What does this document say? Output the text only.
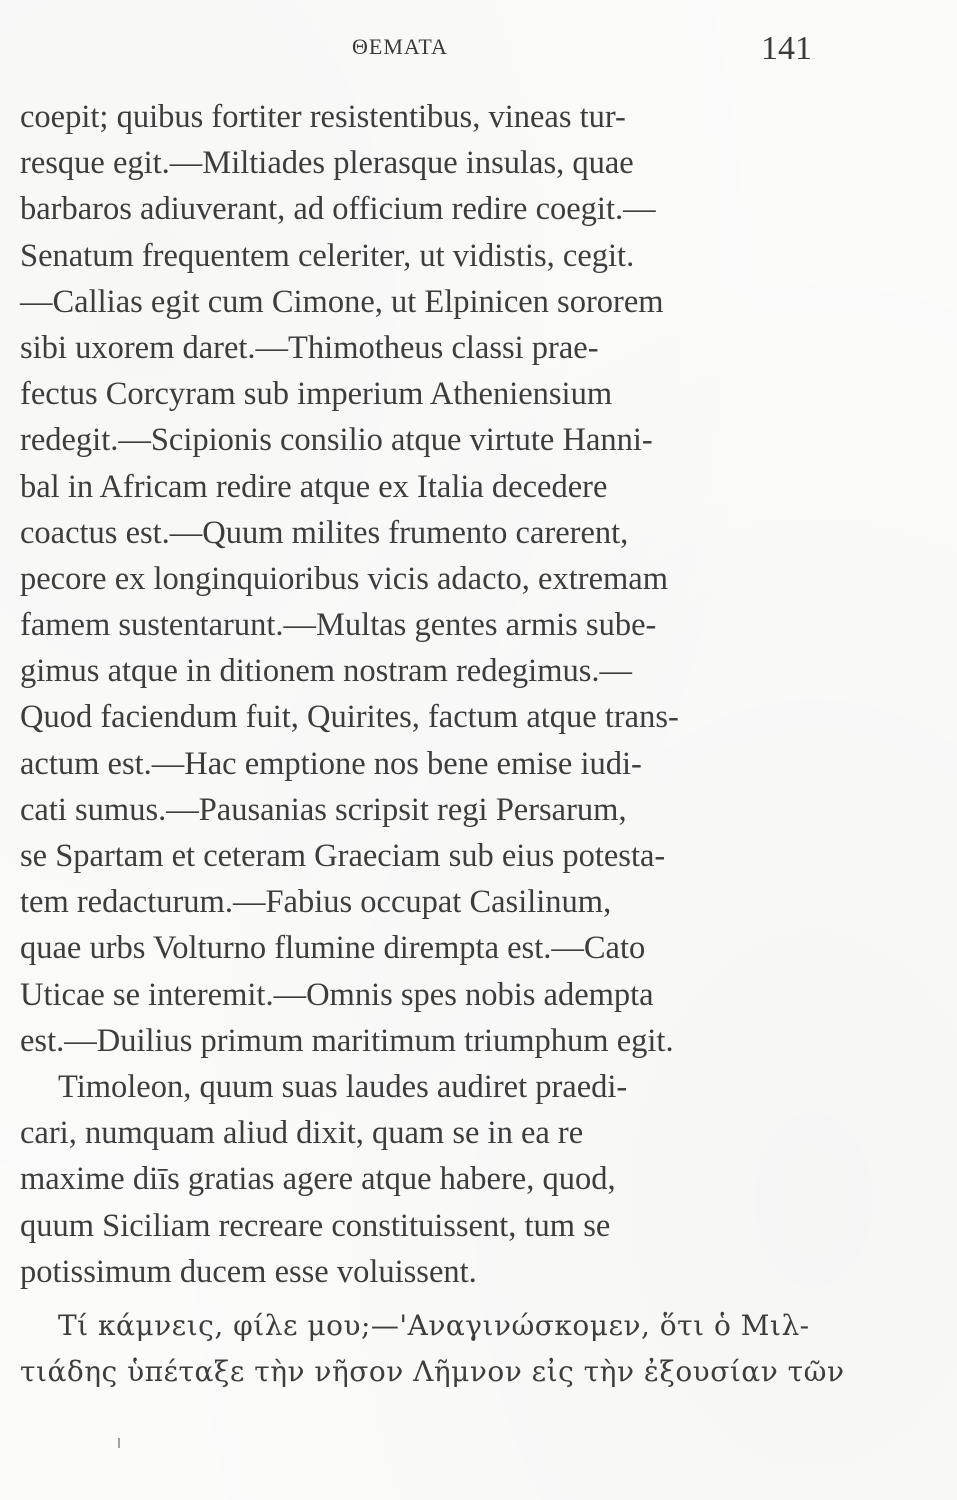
ΘΕΜΑΤΑ	141
coepit; quibus fortiter resistentibus, vineas tur-
resque egit.—Miltiades plerasque insulas, quae
barbaros adiuverant, ad officium redire coegit.—
Senatum frequentem celeriter, ut vidistis, cegit.
—Callias egit cum Cimone, ut Elpinicen sororem
sibi uxorem daret.—Thimotheus classi prae-
fectus Corcyram sub imperium Atheniensium
redegit.—Scipionis consilio atque virtute Hanni-
bal in Africam redire atque ex Italia decedere
coactus est.—Quum milites frumento carerent,
pecore ex longinquioribus vicis adacto, extremam
famem sustentarunt.—Multas gentes armis sube-
gimus atque in ditionem nostram redegimus.—
Quod faciendum fuit, Quirites, factum atque trans-
actum est.—Hac emptione nos bene emise iudi-
cati sumus.—Pausanias scripsit regi Persarum,
se Spartam et ceteram Graeciam sub eius potesta-
tem redacturum.—Fabius occupat Casilinum,
quae urbs Volturno flumine dirempta est.—Cato
Uticae se interemit.—Omnis spes nobis adempta
est.—Duilius primum maritimum triumphum egit.
Timoleon, quum suas laudes audiret praedi-
cari, numquam aliud dixit, quam se in ea re
maxime diīs gratias agere atque habere, quod,
quum Siciliam recreare constituissent, tum se
potissimum ducem esse voluissent.
Τί κάμνεις, φίλε μου;—'Αναγινώσκομεν, ὅτι ὁ Μιλ-
τιάδης ὑπέταξε τὴν νῆσον Λῆμνον εἰς τὴν ἐξουσίαν τῶν
